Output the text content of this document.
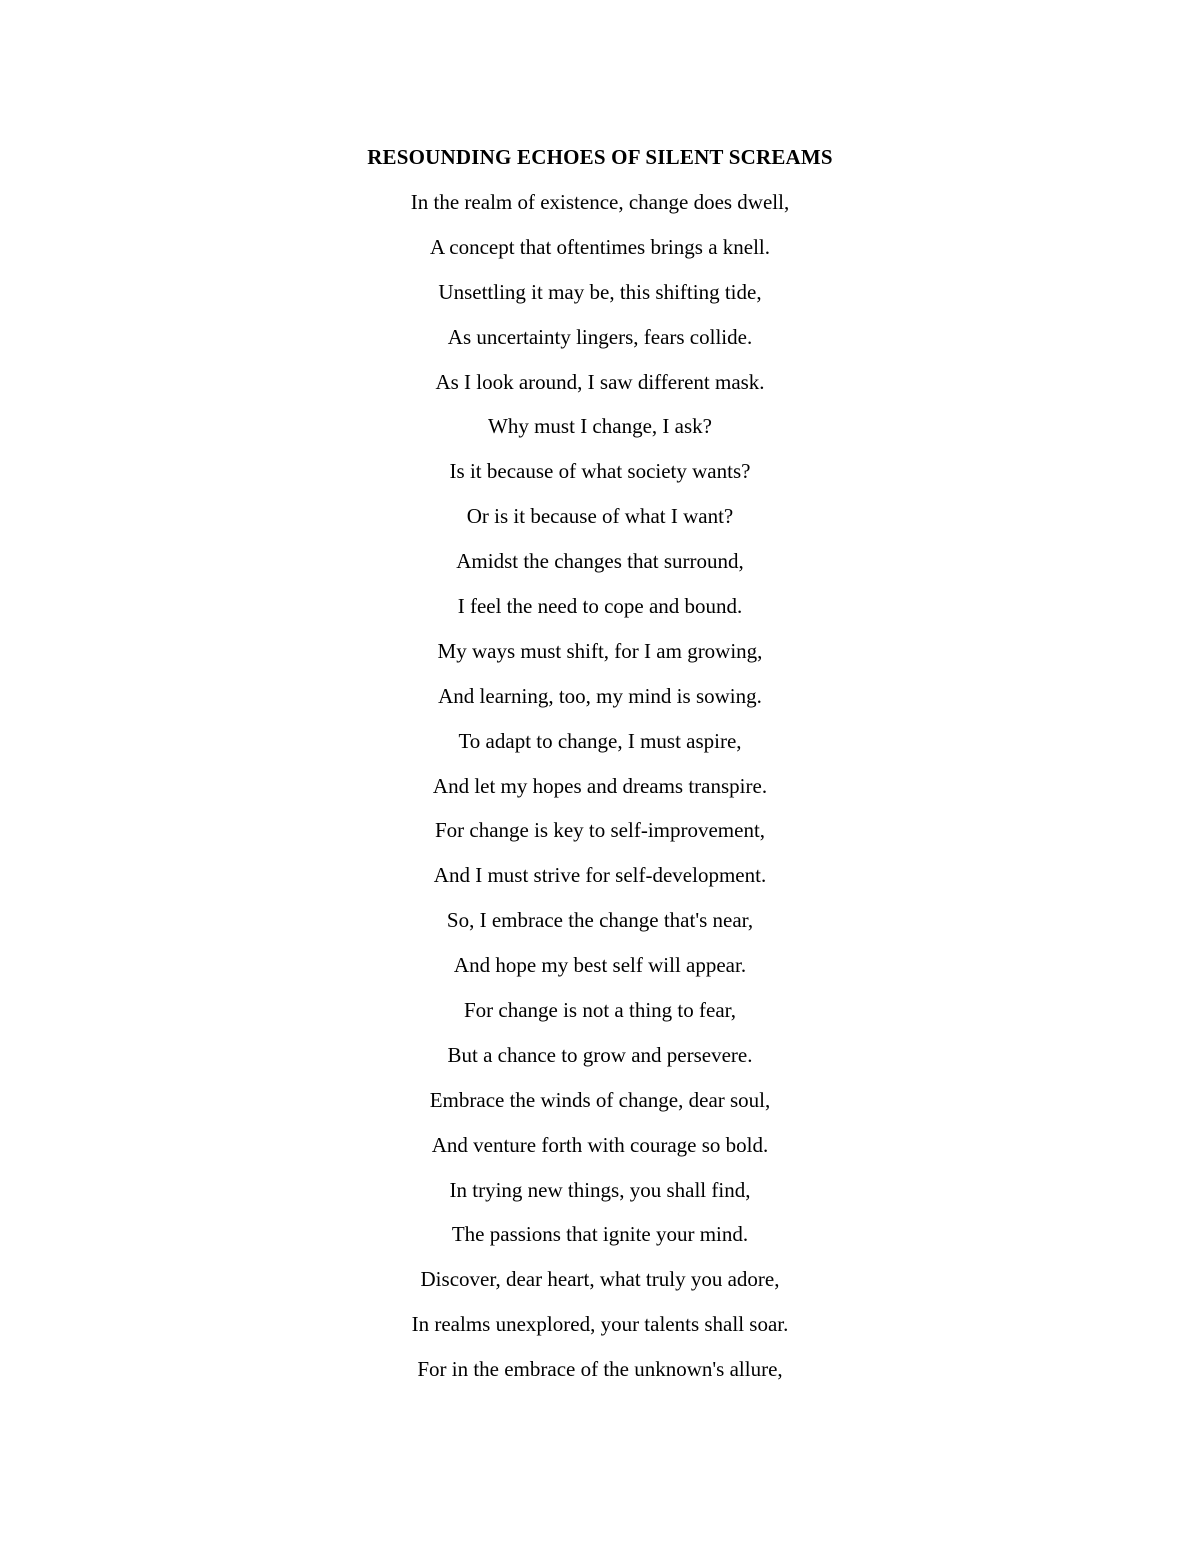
RESOUNDING ECHOES OF SILENT SCREAMS
In the realm of existence, change does dwell,
A concept that oftentimes brings a knell.
Unsettling it may be, this shifting tide,
As uncertainty lingers, fears collide.
As I look around, I saw different mask.
Why must I change, I ask?
Is it because of what society wants?
Or is it because of what I want?
Amidst the changes that surround,
I feel the need to cope and bound.
My ways must shift, for I am growing,
And learning, too, my mind is sowing.
To adapt to change, I must aspire,
And let my hopes and dreams transpire.
For change is key to self-improvement,
And I must strive for self-development.
So, I embrace the change that's near,
And hope my best self will appear.
For change is not a thing to fear,
But a chance to grow and persevere.
Embrace the winds of change, dear soul,
And venture forth with courage so bold.
In trying new things, you shall find,
The passions that ignite your mind.
Discover, dear heart, what truly you adore,
In realms unexplored, your talents shall soar.
For in the embrace of the unknown's allure,
